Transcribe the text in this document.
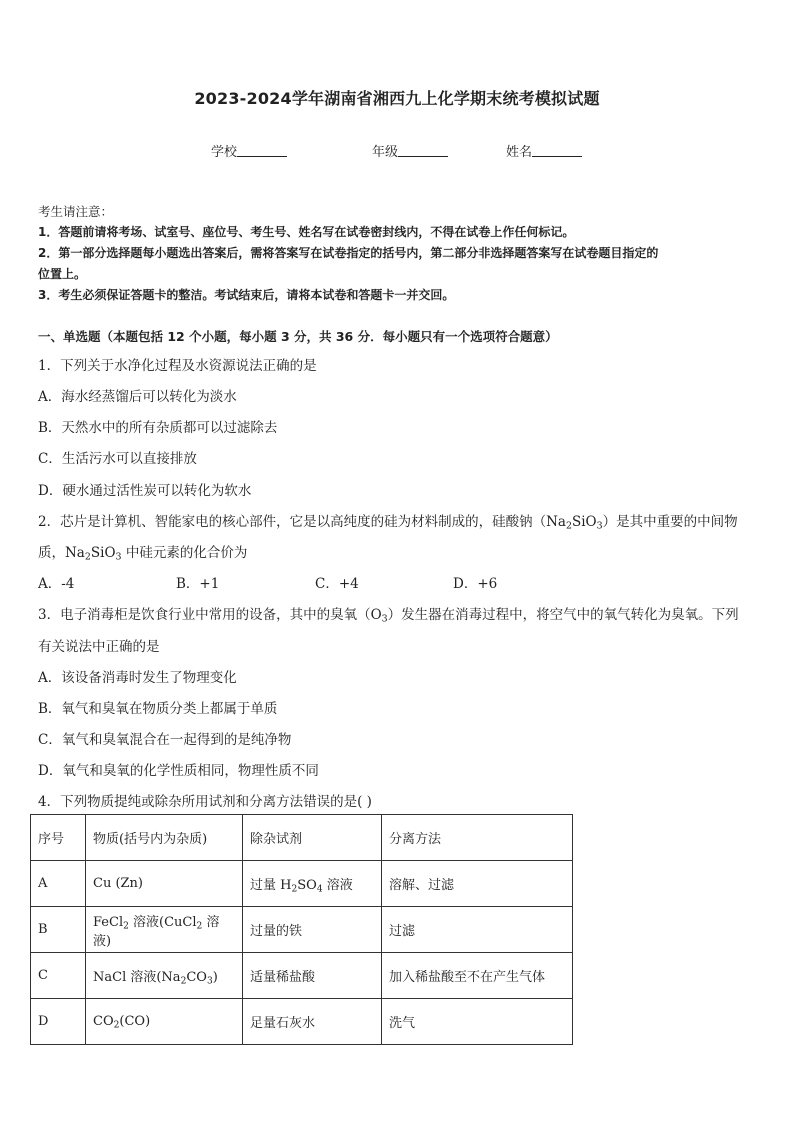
2023-2024学年湖南省湘西九上化学期末统考模拟试题
学校	年级	姓名
考生请注意：
1．答题前请将考场、试室号、座位号、考生号、姓名写在试卷密封线内，不得在试卷上作任何标记。
2．第一部分选择题每小题选出答案后，需将答案写在试卷指定的括号内，第二部分非选择题答案写在试卷题目指定的
位置上。
3．考生必须保证答题卡的整洁。考试结束后，请将本试卷和答题卡一并交回。
一、单选题（本题包括 12 个小题，每小题 3 分，共 36 分．每小题只有一个选项符合题意）
1．下列关于水净化过程及水资源说法正确的是
A．海水经蒸馏后可以转化为淡水
B．天然水中的所有杂质都可以过滤除去
C．生活污水可以直接排放
D．硬水通过活性炭可以转化为软水
2．芯片是计算机、智能家电的核心部件，它是以高纯度的硅为材料制成的，硅酸钠$(Na_2SiO_3)$是其中重要的中间物
质，$Na_2SiO_3$ 中硅元素的化合价为
A．-4	B．+1	C．+4	D．+6
3．电子消毒柜是饮食行业中常用的设备，其中的臭氧$(O_3)$发生器在消毒过程中，将空气中的氧气转化为臭氧。下列
有关说法中正确的是
A．该设备消毒时发生了物理变化
B．氧气和臭氧在物质分类上都属于单质
C．氧气和臭氧混合在一起得到的是纯净物
D．氧气和臭氧的化学性质相同，物理性质不同
4．下列物质提纯或除杂所用试剂和分离方法错误的是( )
序号	物质(括号内为杂质)	除杂试剂	分离方法
A	Cu (Zn)	过量 $H_2SO_4$ 溶液	溶解、过滤
B	FeCl$_2$ 溶液(CuCl$_2$ 溶液)	过量的铁	过滤
C	NaCl 溶液$(Na_2CO_3)$	适量稀盐酸	加入稀盐酸至不在产生气体
D	$CO_2(CO)$	足量石灰水	洗气
